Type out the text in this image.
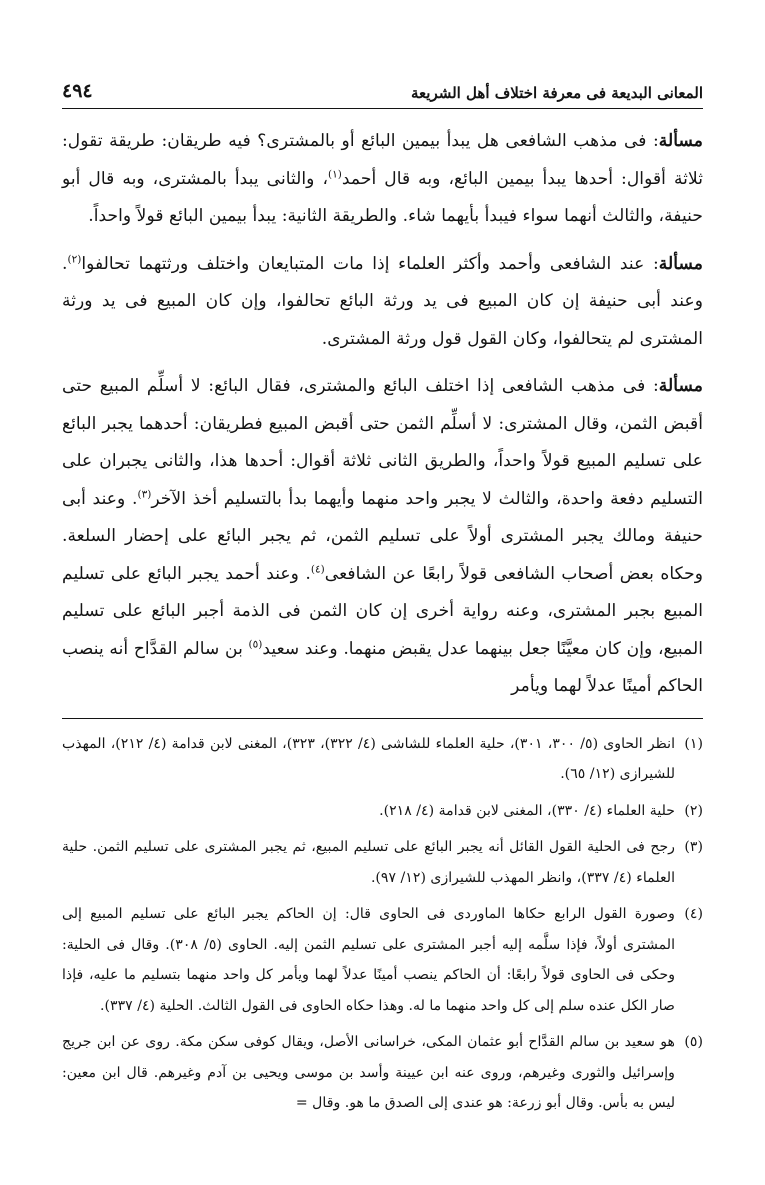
٤٩٤	المعانى البديعة فى معرفة اختلاف أهل الشريعة

مسألة: فى مذهب الشافعى هل يبدأ بيمين البائع أو بالمشترى؟ فيه طريقان: طريقة تقول: ثلاثة أقوال: أحدها يبدأ بيمين البائع، وبه قال أحمد$^{(١)}$، والثانى يبدأ بالمشترى، وبه قال أبو حنيفة، والثالث أنهما سواء فيبدأ بأيهما شاء. والطريقة الثانية: يبدأ بيمين البائع قولاً واحداً.

مسألة: عند الشافعى وأحمد وأكثر العلماء إذا مات المتبايعان واختلف ورثتهما تحالفوا$^{(٢)}$. وعند أبى حنيفة إن كان المبيع فى يد ورثة البائع تحالفوا، وإن كان المبيع فى يد ورثة المشترى لم يتحالفوا، وكان القول قول ورثة المشترى.

مسألة: فى مذهب الشافعى إذا اختلف البائع والمشترى، فقال البائع: لا أسلِّم المبيع حتى أقبض الثمن، وقال المشترى: لا أسلِّم الثمن حتى أقبض المبيع فطريقان: أحدهما يجبر البائع على تسليم المبيع قولاً واحداً، والطريق الثانى ثلاثة أقوال: أحدها هذا، والثانى يجبران على التسليم دفعة واحدة، والثالث لا يجبر واحد منهما وأيهما بدأ بالتسليم أخذ الآخر$^{(٣)}$. وعند أبى حنيفة ومالك يجبر المشترى أولاً على تسليم الثمن، ثم يجبر البائع على إحضار السلعة. وحكاه بعض أصحاب الشافعى قولاً رابعًا عن الشافعى$^{(٤)}$. وعند أحمد يجبر البائع على تسليم المبيع بجبر المشترى، وعنه رواية أخرى إن كان الثمن فى الذمة أجبر البائع على تسليم المبيع، وإن كان معيَّنًا جعل بينهما عدل يقبض منهما. وعند سعيد$^{(٥)}$ بن سالم القدَّاح أنه ينصب الحاكم أمينًا عدلاً لهما ويأمر

(١)
انظر الحاوى (٥/ ٣٠٠، ٣٠١)، حلية العلماء للشاشى (٤/ ٣٢٢)، ٣٢٣)، المغنى لابن قدامة (٤/ ٢١٢)، المهذب للشيرازى (١٢/ ٦٥).

(٢)
حلية العلماء (٤/ ٣٣٠)، المغنى لابن قدامة (٤/ ٢١٨).

(٣)
رجح فى الحلية القول القائل أنه يجبر البائع على تسليم المبيع، ثم يجبر المشترى على تسليم الثمن. حلية العلماء (٤/ ٣٣٧)، وانظر المهذب للشيرازى (١٢/ ٩٧).

(٤)
وصورة القول الرابع حكاها الماوردى فى الحاوى قال: إن الحاكم يجبر البائع على تسليم المبيع إلى المشترى أولاً، فإذا سلَّمه إليه أجبر المشترى على تسليم الثمن إليه. الحاوى (٥/ ٣٠٨). وقال فى الحلية: وحكى فى الحاوى قولاً رابعًا: أن الحاكم ينصب أمينًا عدلاً لهما ويأمر كل واحد منهما بتسليم ما عليه، فإذا صار الكل عنده سلم إلى كل واحد منهما ما له. وهذا حكاه الحاوى فى القول الثالث. الحلية (٤/ ٣٣٧).

(٥)
هو سعيد بن سالم القدَّاح أبو عثمان المكى، خراسانى الأصل، ويقال كوفى سكن مكة. روى عن ابن جريج وإسرائيل والثورى وغيرهم، وروى عنه ابن عيينة وأسد بن موسى ويحيى بن آدم وغيرهم. قال ابن معين: ليس به بأس. وقال أبو زرعة: هو عندى إلى الصدق ما هو. وقال =
